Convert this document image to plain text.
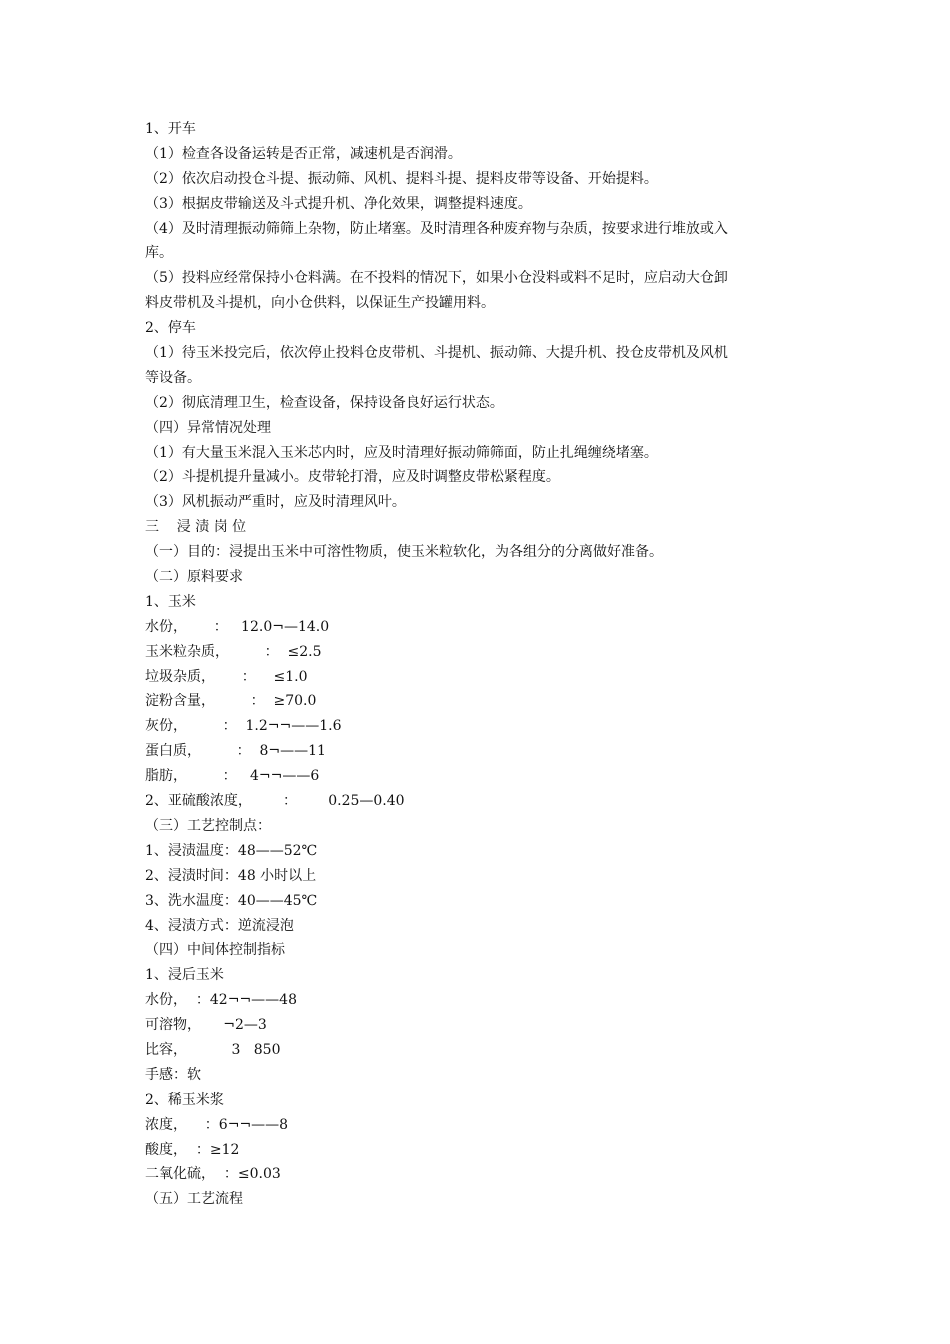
1、开车
（1）检查各设备运转是否正常，减速机是否润滑。
（2）依次启动投仓斗提、振动筛、风机、提料斗提、提料皮带等设备、开始提料。
（3）根据皮带输送及斗式提升机、净化效果，调整提料速度。
（4）及时清理振动筛筛上杂物，防止堵塞。及时清理各种废弃物与杂质，按要求进行堆放或入
库。
（5）投料应经常保持小仓料满。在不投料的情况下，如果小仓没料或料不足时，应启动大仓卸
料皮带机及斗提机，向小仓供料，以保证生产投罐用料。
2、停车
（1）待玉米投完后，依次停止投料仓皮带机、斗提机、振动筛、大提升机、投仓皮带机及风机
等设备。
（2）彻底清理卫生，检查设备，保持设备良好运行状态。
（四）异常情况处理
（1）有大量玉米混入玉米芯内时，应及时清理好振动筛筛面，防止扎绳缠绕堵塞。
（2）斗提机提升量减小。皮带轮打滑，应及时调整皮带松紧程度。
（3）风机振动严重时，应及时清理风叶。
三    浸 渍 岗 位
（一）目的：浸提出玉米中可溶性物质，使玉米粒软化，为各组分的分离做好准备。
（二）原料要求
1、玉米
水份，      ：   12.0¬—14.0
玉米粒杂质，        ：  ≤2.5
垃圾杂质，      ：    ≤1.0
淀粉含量，        ：  ≥70.0
灰份，        ：  1.2¬¬——1.6
蛋白质，        ：  8¬——11
脂肪，        ：   4¬¬——6
2、亚硫酸浓度，       ：       0.25—0.40
（三）工艺控制点：
1、浸渍温度：48——52℃
2、浸渍时间：48 小时以上
3、洗水温度：40——45℃
4、浸渍方式：逆流浸泡
（四）中间体控制指标
1、浸后玉米
水份，  ：42¬¬——48
可溶物，     ¬2—3
比容，          3   850
手感：软
2、稀玉米浆
浓度，    ：6¬¬——8
酸度，  ：≥12
二氧化硫，  ：≤0.03
（五）工艺流程
